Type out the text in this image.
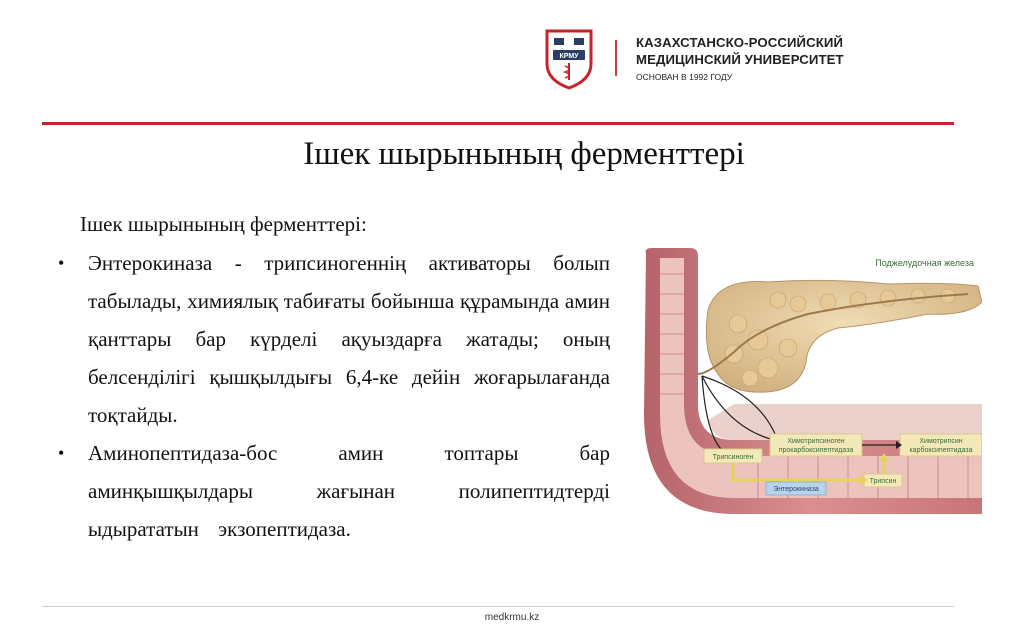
КРМУ
КАЗАХСТАНСКО-РОССИЙСКИЙ
МЕДИЦИНСКИЙ УНИВЕРСИТЕТ
ОСНОВАН В 1992 ГОДУ
Ішек шырынының ферменттері
Ішек шырынының ферменттері:
• Энтерокиназа - трипсиногеннің активаторы болып табылады, химиялық табиғаты бойынша құрамында амин қанттары бар күрделі ақуыздарға жатады; оның белсенділігі қышқылдығы 6,4-ке дейін жоғарылағанда тоқтайды.
• Аминопептидаза-бос амин топтары бар аминқышқылдары жағынан полипептидтерді ыдырататын экзопептидаза.
Поджелудочная железа
Химотрипсиноген
прокарбоксипептидаза
Химотрипсин
карбоксипептидаза
Трипсиноген
Трипсин
Энтерокиназа
medkrmu.kz
